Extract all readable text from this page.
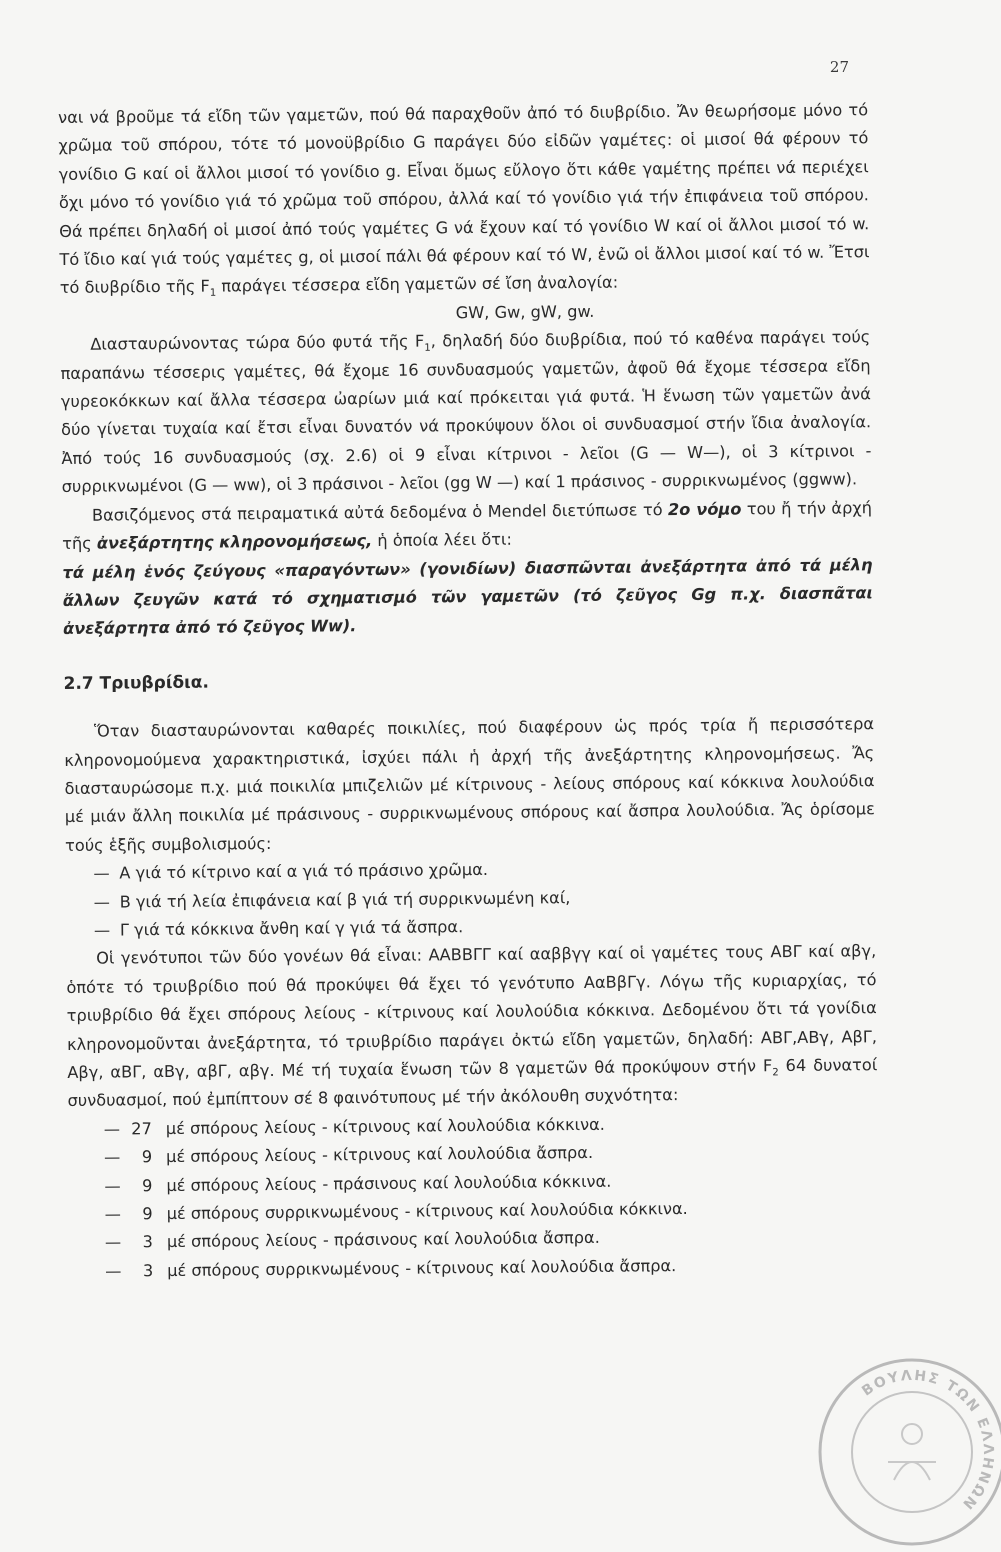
27

ναι νά βροῦμε τά εἴδη τῶν γαμετῶν, πού θά παραχθοῦν ἀπό τό διυβρίδιο. Ἄν θεωρήσομε μόνο τό χρῶμα τοῦ σπόρου, τότε τό μονοϋβρίδιο G παράγει δύο εἰδῶν γαμέτες: οἱ μισοί θά φέρουν τό γονίδιο G καί οἱ ἄλλοι μισοί τό γονίδιο g. Εἶναι ὅμως εὔλογο ὅτι κάθε γαμέτης πρέπει νά περιέχει ὄχι μόνο τό γονίδιο γιά τό χρῶμα τοῦ σπόρου, ἀλλά καί τό γονίδιο γιά τήν ἐπιφάνεια τοῦ σπόρου. Θά πρέπει δηλαδή οἱ μισοί ἀπό τούς γαμέτες G νά ἔχουν καί τό γονίδιο W καί οἱ ἄλλοι μισοί τό w. Τό ἴδιο καί γιά τούς γαμέτες g, οἱ μισοί πάλι θά φέρουν καί τό W, ἐνῶ οἱ ἄλλοι μισοί καί τό w. Ἔτσι τό διυβρίδιο τῆς $F_1$ παράγει τέσσερα εἴδη γαμετῶν σέ ἴση ἀναλογία:

GW, Gw, gW, gw.

Διασταυρώνοντας τώρα δύο φυτά τῆς $F_1$, δηλαδή δύο διυβρίδια, πού τό καθένα παράγει τούς παραπάνω τέσσερις γαμέτες, θά ἔχομε 16 συνδυασμούς γαμετῶν, ἀφοῦ θά ἔχομε τέσσερα εἴδη γυρεοκόκκων καί ἄλλα τέσσερα ὠαρίων μιά καί πρόκειται γιά φυτά. Ἡ ἕνωση τῶν γαμετῶν ἀνά δύο γίνεται τυχαία καί ἔτσι εἶναι δυνατόν νά προκύψουν ὅλοι οἱ συνδυασμοί στήν ἴδια ἀναλογία. Ἀπό τούς 16 συνδυασμούς (σχ. 2.6) οἱ 9 εἶναι κίτρινοι - λεῖοι (G — W—), οἱ 3 κίτρινοι - συρρικνωμένοι (G — ww), οἱ 3 πράσινοι - λεῖοι (gg W —) καί 1 πράσινος - συρρικνωμένος (ggww).

Βασιζόμενος στά πειραματικά αὐτά δεδομένα ὁ Mendel διετύπωσε τό 2ο νόμο του ἤ τήν ἀρχή τῆς ἀνεξάρτητης κληρονομήσεως, ἡ ὁποία λέει ὅτι:

τά μέλη ἑνός ζεύγους «παραγόντων» (γονιδίων) διασπῶνται ἀνεξάρτητα ἀπό τά μέλη ἄλλων ζευγῶν κατά τό σχηματισμό τῶν γαμετῶν (τό ζεῦγος Gg π.χ. διασπᾶται ἀνεξάρτητα ἀπό τό ζεῦγος Ww).

2.7 Τριυβρίδια.

Ὅταν διασταυρώνονται καθαρές ποικιλίες, πού διαφέρουν ὡς πρός τρία ἤ περισσότερα κληρονομούμενα χαρακτηριστικά, ἰσχύει πάλι ἡ ἀρχή τῆς ἀνεξάρτητης κληρονομήσεως. Ἄς διασταυρώσομε π.χ. μιά ποικιλία μπιζελιῶν μέ κίτρινους - λείους σπόρους καί κόκκινα λουλούδια μέ μιάν ἄλλη ποικιλία μέ πράσινους - συρρικνωμένους σπόρους καί ἄσπρα λουλούδια. Ἄς ὁρίσομε τούς ἑξῆς συμβολισμούς:

— Α γιά τό κίτρινο καί α γιά τό πράσινο χρῶμα.
— Β γιά τή λεία ἐπιφάνεια καί β γιά τή συρρικνωμένη καί,
— Γ γιά τά κόκκινα ἄνθη καί γ γιά τά ἄσπρα.

Οἱ γενότυποι τῶν δύο γονέων θά εἶναι: ΑΑΒΒΓΓ καί ααββγγ καί οἱ γαμέτες τους ΑΒΓ καί αβγ, ὁπότε τό τριυβρίδιο πού θά προκύψει θά ἔχει τό γενότυπο ΑαΒβΓγ. Λόγω τῆς κυριαρχίας, τό τριυβρίδιο θά ἔχει σπόρους λείους - κίτρινους καί λουλούδια κόκκινα. Δεδομένου ὅτι τά γονίδια κληρονομοῦνται ἀνεξάρτητα, τό τριυβρίδιο παράγει ὀκτώ εἴδη γαμετῶν, δηλαδή: ΑΒΓ,ΑΒγ, ΑβΓ, Αβγ, αΒΓ, αΒγ, αβΓ, αβγ. Μέ τή τυχαία ἕνωση τῶν 8 γαμετῶν θά προκύψουν στήν $F_2$ 64 δυνατοί συνδυασμοί, πού ἐμπίπτουν σέ 8 φαινότυπους μέ τήν ἀκόλουθη συχνότητα:

— 27 μέ σπόρους λείους - κίτρινους καί λουλούδια κόκκινα.
— 9 μέ σπόρους λείους - κίτρινους καί λουλούδια ἄσπρα.
— 9 μέ σπόρους λείους - πράσινους καί λουλούδια κόκκινα.
— 9 μέ σπόρους συρρικνωμένους - κίτρινους καί λουλούδια κόκκινα.
— 3 μέ σπόρους λείους - πράσινους καί λουλούδια ἄσπρα.
— 3 μέ σπόρους συρρικνωμένους - κίτρινους καί λουλούδια ἄσπρα.
ΒΟΥΛΗΣ ΤΩΝ ΕΛΛΗΝΩΝ
